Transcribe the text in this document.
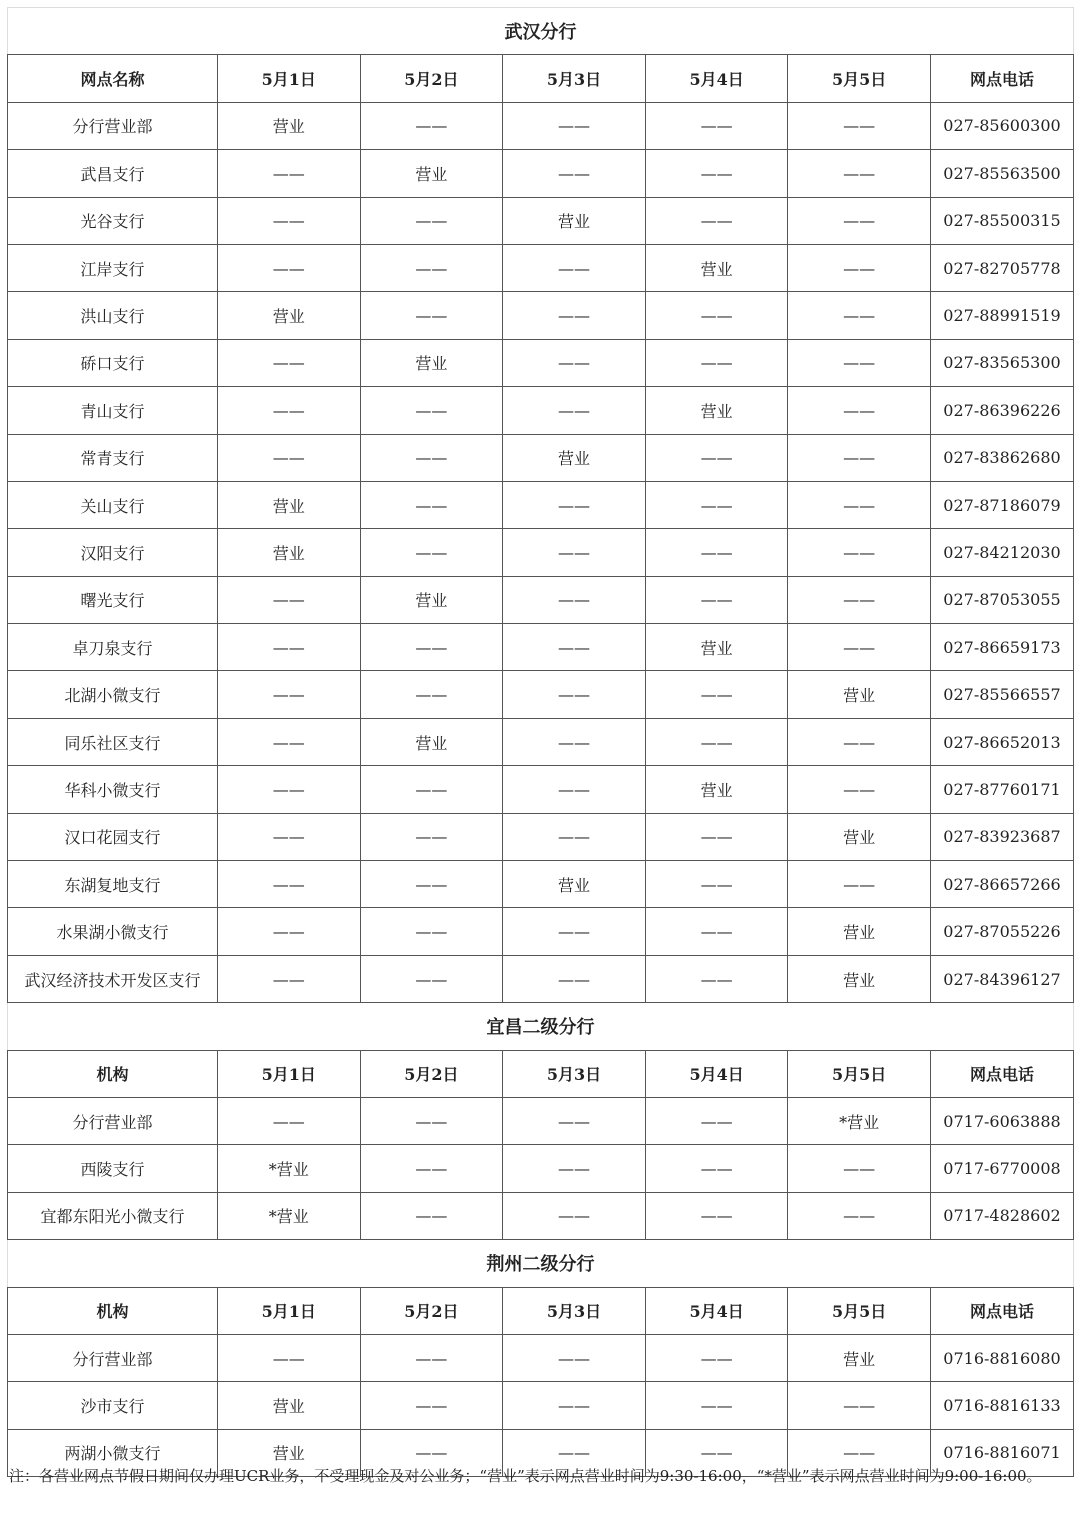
武汉分行						
网点名称	5月1日	5月2日	5月3日	5月4日	5月5日	网点电话
分行营业部	营业	——	——	——	——	027-85600300
武昌支行	——	营业	——	——	——	027-85563500
光谷支行	——	——	营业	——	——	027-85500315
江岸支行	——	——	——	营业	——	027-82705778
洪山支行	营业	——	——	——	——	027-88991519
硚口支行	——	营业	——	——	——	027-83565300
青山支行	——	——	——	营业	——	027-86396226
常青支行	——	——	营业	——	——	027-83862680
关山支行	营业	——	——	——	——	027-87186079
汉阳支行	营业	——	——	——	——	027-84212030
曙光支行	——	营业	——	——	——	027-87053055
卓刀泉支行	——	——	——	营业	——	027-86659173
北湖小微支行	——	——	——	——	营业	027-85566557
同乐社区支行	——	营业	——	——	——	027-86652013
华科小微支行	——	——	——	营业	——	027-87760171
汉口花园支行	——	——	——	——	营业	027-83923687
东湖复地支行	——	——	营业	——	——	027-86657266
水果湖小微支行	——	——	——	——	营业	027-87055226
武汉经济技术开发区支行	——	——	——	——	营业	027-84396127
宜昌二级分行						
机构	5月1日	5月2日	5月3日	5月4日	5月5日	网点电话
分行营业部	——	——	——	——	*营业	0717-6063888
西陵支行	*营业	——	——	——	——	0717-6770008
宜都东阳光小微支行	*营业	——	——	——	——	0717-4828602
荆州二级分行						
机构	5月1日	5月2日	5月3日	5月4日	5月5日	网点电话
分行营业部	——	——	——	——	营业	0716-8816080
沙市支行	营业	——	——	——	——	0716-8816133
两湖小微支行	营业	——	——	——	——	0716-8816071
注：各营业网点节假日期间仅办理UCR业务，不受理现金及对公业务；“营业”表示网点营业时间为9:30-16:00，“*营业”表示网点营业时间为9:00-16:00。
